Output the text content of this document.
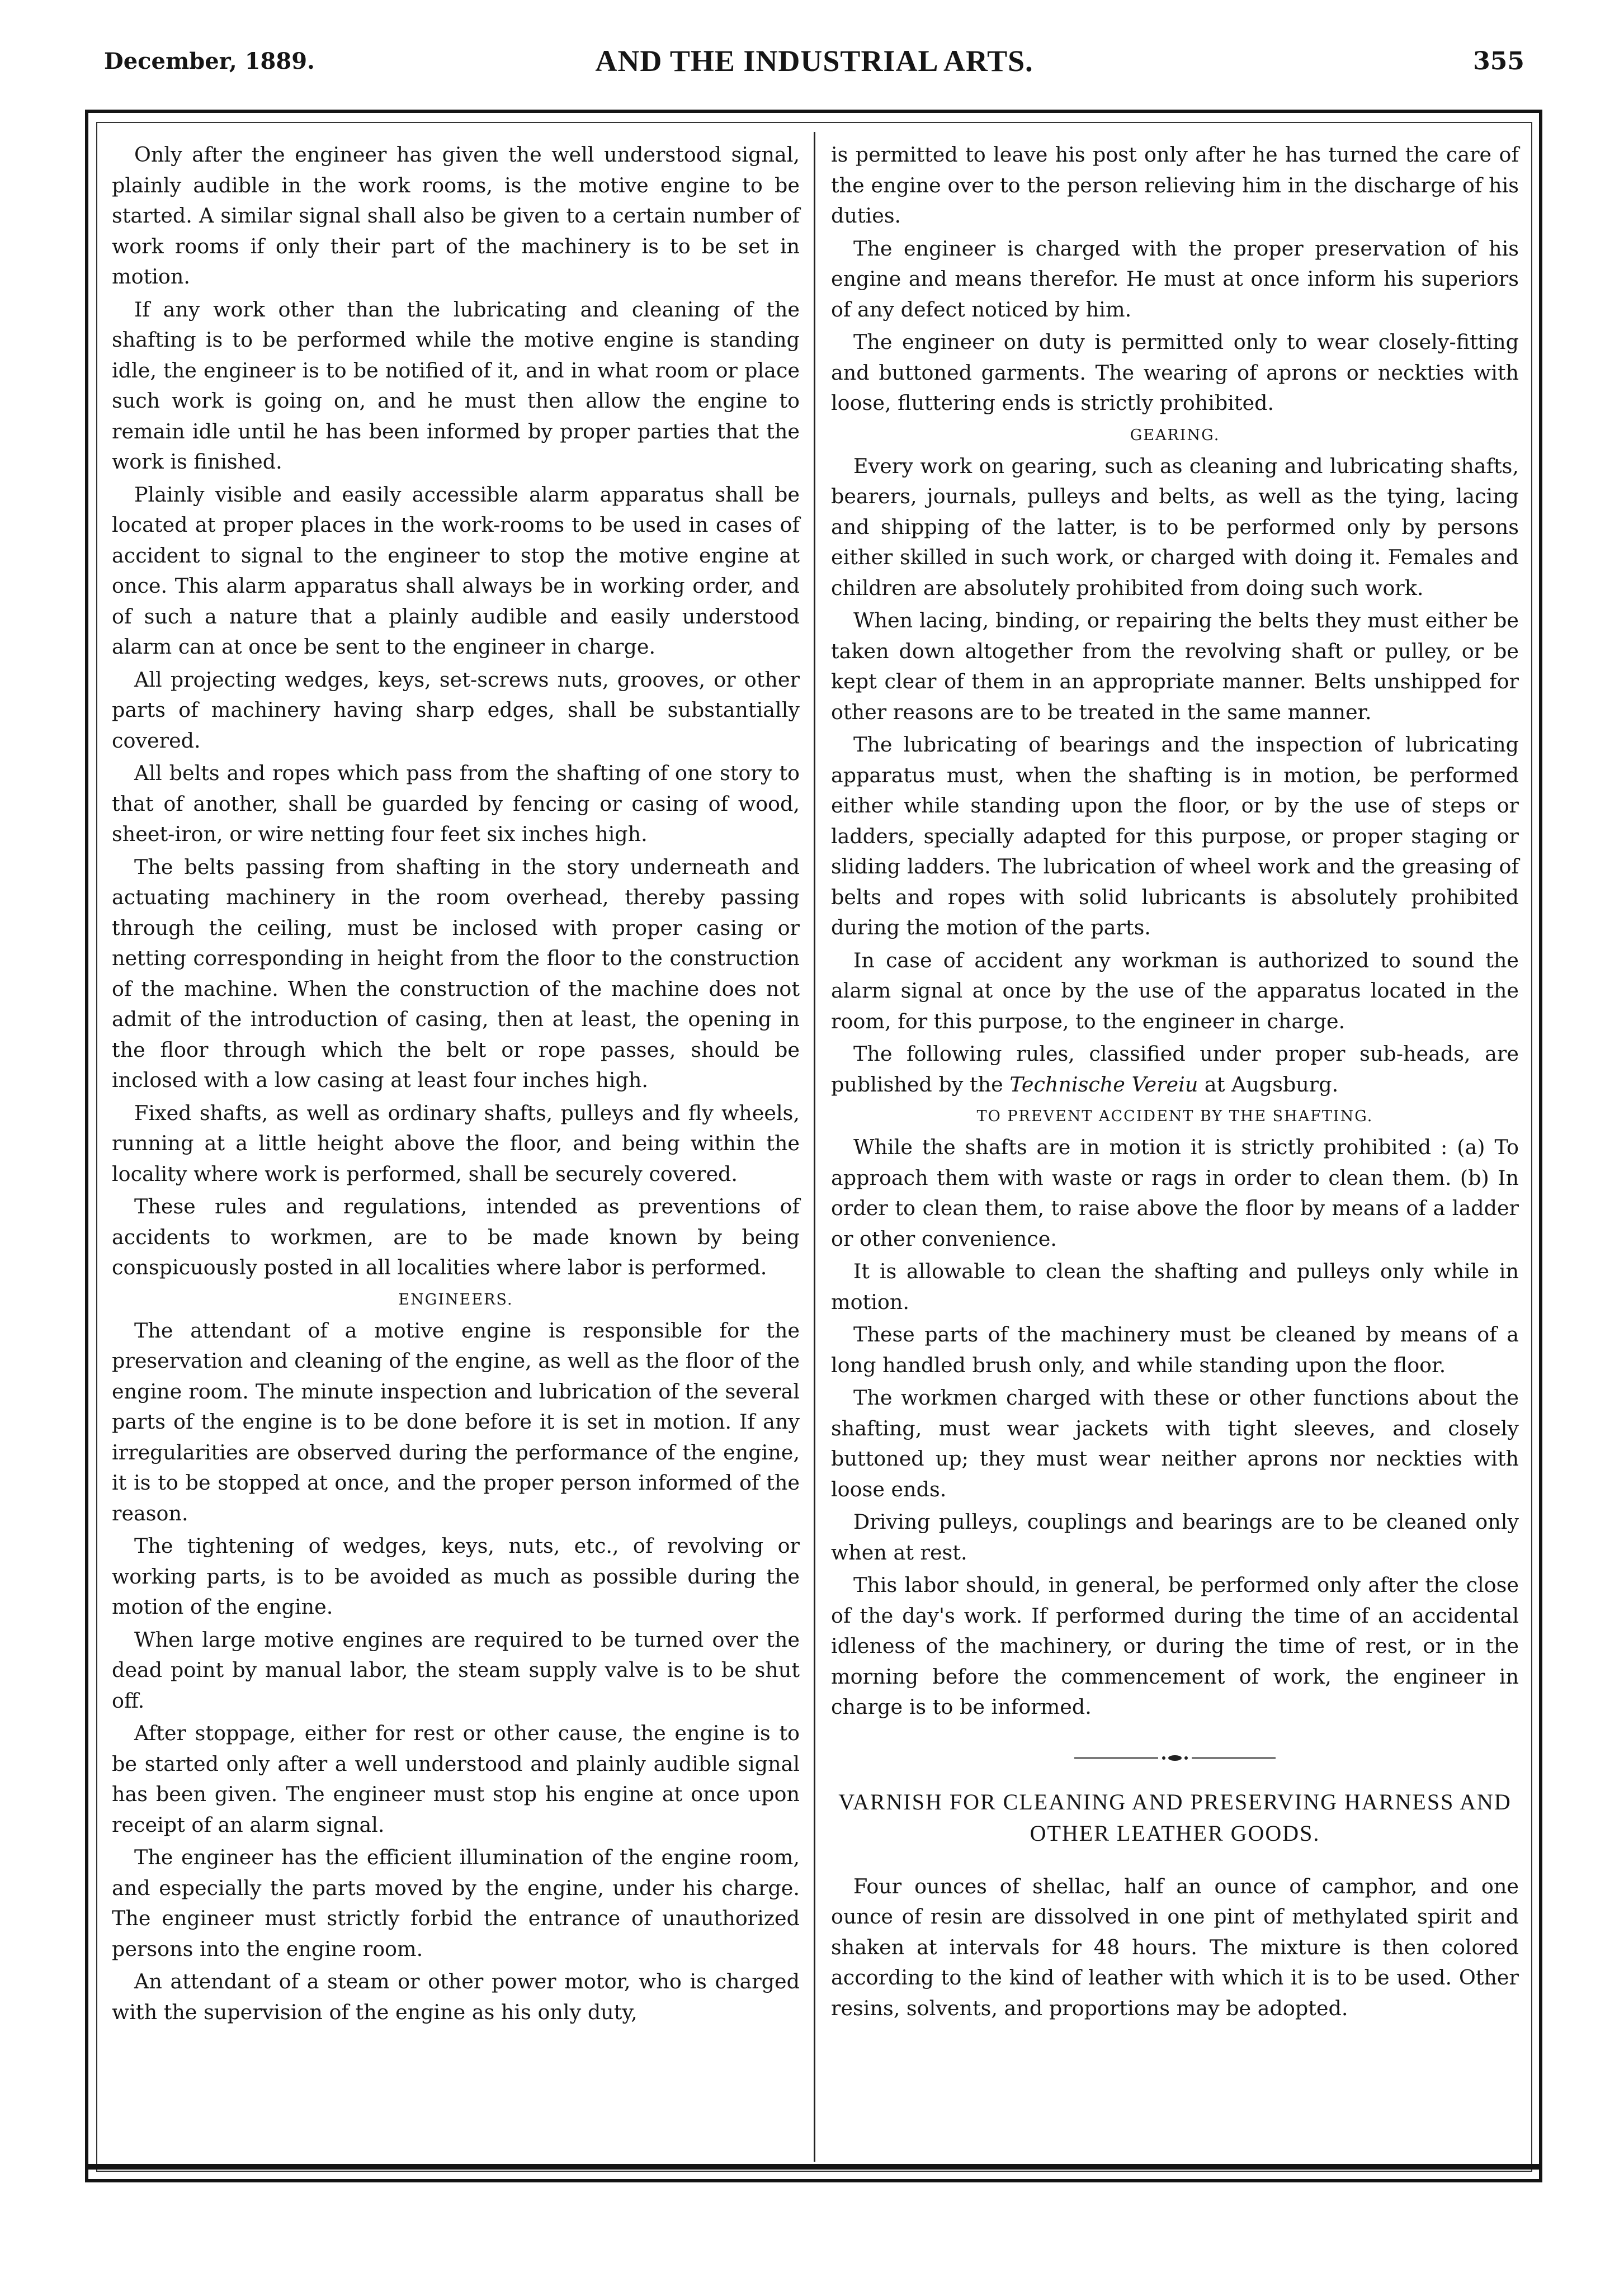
December, 1889.	AND THE INDUSTRIAL ARTS.	355

Only after the engineer has given the well understood signal, plainly audible in the work rooms, is the motive engine to be started. A similar signal shall also be given to a certain number of work rooms if only their part of the machinery is to be set in motion.

If any work other than the lubricating and cleaning of the shafting is to be performed while the motive engine is standing idle, the engineer is to be notified of it, and in what room or place such work is going on, and he must then allow the engine to remain idle until he has been informed by proper parties that the work is finished.

Plainly visible and easily accessible alarm apparatus shall be located at proper places in the work-rooms to be used in cases of accident to signal to the engineer to stop the motive engine at once. This alarm apparatus shall always be in working order, and of such a nature that a plainly audible and easily understood alarm can at once be sent to the engineer in charge.

All projecting wedges, keys, set-screws nuts, grooves, or other parts of machinery having sharp edges, shall be substantially covered.

All belts and ropes which pass from the shafting of one story to that of another, shall be guarded by fencing or casing of wood, sheet-iron, or wire netting four feet six inches high.

The belts passing from shafting in the story underneath and actuating machinery in the room overhead, thereby passing through the ceiling, must be inclosed with proper casing or netting corresponding in height from the floor to the construction of the machine. When the construction of the machine does not admit of the introduction of casing, then at least, the opening in the floor through which the belt or rope passes, should be inclosed with a low casing at least four inches high.

Fixed shafts, as well as ordinary shafts, pulleys and fly wheels, running at a little height above the floor, and being within the locality where work is performed, shall be securely covered.

These rules and regulations, intended as preventions of accidents to workmen, are to be made known by being conspicuously posted in all localities where labor is performed.

ENGINEERS.

The attendant of a motive engine is responsible for the preservation and cleaning of the engine, as well as the floor of the engine room. The minute inspection and lubrication of the several parts of the engine is to be done before it is set in motion. If any irregularities are observed during the performance of the engine, it is to be stopped at once, and the proper person informed of the reason.

The tightening of wedges, keys, nuts, etc., of revolving or working parts, is to be avoided as much as possible during the motion of the engine.

When large motive engines are required to be turned over the dead point by manual labor, the steam supply valve is to be shut off.

After stoppage, either for rest or other cause, the engine is to be started only after a well understood and plainly audible signal has been given. The engineer must stop his engine at once upon receipt of an alarm signal.

The engineer has the efficient illumination of the engine room, and especially the parts moved by the engine, under his charge. The engineer must strictly forbid the entrance of unauthorized persons into the engine room.

An attendant of a steam or other power motor, who is charged with the supervision of the engine as his only duty,

is permitted to leave his post only after he has turned the care of the engine over to the person relieving him in the discharge of his duties.

The engineer is charged with the proper preservation of his engine and means therefor. He must at once inform his superiors of any defect noticed by him.

The engineer on duty is permitted only to wear closely-fitting and buttoned garments. The wearing of aprons or neckties with loose, fluttering ends is strictly prohibited.

GEARING.

Every work on gearing, such as cleaning and lubricating shafts, bearers, journals, pulleys and belts, as well as the tying, lacing and shipping of the latter, is to be performed only by persons either skilled in such work, or charged with doing it. Females and children are absolutely prohibited from doing such work.

When lacing, binding, or repairing the belts they must either be taken down altogether from the revolving shaft or pulley, or be kept clear of them in an appropriate manner. Belts unshipped for other reasons are to be treated in the same manner.

The lubricating of bearings and the inspection of lubricating apparatus must, when the shafting is in motion, be performed either while standing upon the floor, or by the use of steps or ladders, specially adapted for this purpose, or proper staging or sliding ladders. The lubrication of wheel work and the greasing of belts and ropes with solid lubricants is absolutely prohibited during the motion of the parts.

In case of accident any workman is authorized to sound the alarm signal at once by the use of the apparatus located in the room, for this purpose, to the engineer in charge.

The following rules, classified under proper sub-heads, are published by the Technische Vereiu at Augsburg.

TO PREVENT ACCIDENT BY THE SHAFTING.

While the shafts are in motion it is strictly prohibited : (a) To approach them with waste or rags in order to clean them. (b) In order to clean them, to raise above the floor by means of a ladder or other convenience.

It is allowable to clean the shafting and pulleys only while in motion.

These parts of the machinery must be cleaned by means of a long handled brush only, and while standing upon the floor.

The workmen charged with these or other functions about the shafting, must wear jackets with tight sleeves, and closely buttoned up; they must wear neither aprons nor neckties with loose ends.

Driving pulleys, couplings and bearings are to be cleaned only when at rest.

This labor should, in general, be performed only after the close of the day's work. If performed during the time of an accidental idleness of the machinery, or during the time of rest, or in the morning before the commencement of work, the engineer in charge is to be informed.

VARNISH FOR CLEANING AND PRESERVING HARNESS AND OTHER LEATHER GOODS.

Four ounces of shellac, half an ounce of camphor, and one ounce of resin are dissolved in one pint of methylated spirit and shaken at intervals for 48 hours. The mixture is then colored according to the kind of leather with which it is to be used. Other resins, solvents, and proportions may be adopted.
